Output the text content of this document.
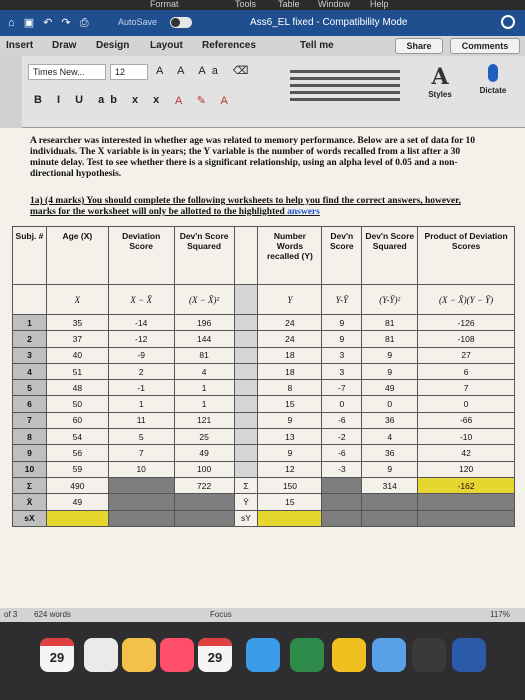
Format	Tools Table Window Help
⌂ ▣ ↶ ↷ ⎙	AutoSave	Ass6_EL fixed - Compatibility Mode
Insert Draw Design Layout References	Tell me	Share	Comments
Times New...	12	A A Aa ⌫
B I U ab x x A ✎ A
A
Styles	Dictate
A researcher was interested in whether age was related to memory performance. Below are a set of data for 10 individuals. The X variable is in years; the Y variable is the number of words recalled from a list after a 30 minute delay. Test to see whether there is a significant relationship, using an alpha level of 0.05 and a non-directional hypothesis.
1a) (4 marks) You should complete the following worksheets to help you find the correct answers, however, marks for the worksheet will only be allotted to the highlighted answers
Subj. #	Age (X)	Deviation Score	Dev'n Score Squared		Number Words recalled (Y)	Dev'n Score	Dev'n Score Squared	Product of Deviation Scores
	X	X − X̄	(X − X̄)²		Y	Y-Ȳ	(Y-Ȳ)²	(X − X̄)(Y − Ȳ)
1	35	-14	196		24	9	81	-126
2	37	-12	144		24	9	81	-108
3	40	-9	81		18	3	9	27
4	51	2	4		18	3	9	6
5	48	-1	1		8	-7	49	7
6	50	1	1		15	0	0	0
7	60	11	121		9	-6	36	-66
8	54	5	25		13	-2	4	-10
9	56	7	49		9	-6	36	42
10	59	10	100		12	-3	9	120
Σ	490		722	Σ	150		314	-162
X̄	49			Ȳ	15			
sX				sY				
of 3 624 words	Focus	117%
29	29
